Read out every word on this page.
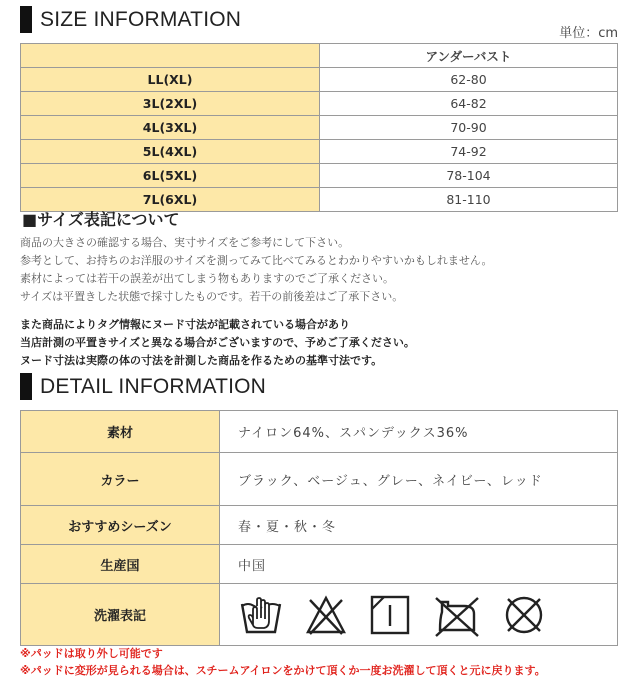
SIZE INFORMATION
単位：cm
	アンダーバスト
LL(XL)	62-80
3L(2XL)	64-82
4L(3XL)	70-90
5L(4XL)	74-92
6L(5XL)	78-104
7L(6XL)	81-110
■サイズ表記について
商品の大きさの確認する場合、実寸サイズをご参考にして下さい。
参考として、お持ちのお洋服のサイズを測ってみて比べてみるとわかりやすいかもしれません。
素材によっては若干の誤差が出てしまう物もありますのでご了承ください。
サイズは平置きした状態で採寸したものです。若干の前後差はご了承下さい。
また商品によりタグ情報にヌード寸法が記載されている場合があり
当店計測の平置きサイズと異なる場合がございますので、予めご了承ください。
ヌード寸法は実際の体の寸法を計測した商品を作るための基準寸法です。
DETAIL INFORMATION
素材	ナイロン64%、スパンデックス36%
カラー	ブラック、ベージュ、グレー、ネイビー、レッド
おすすめシーズン	春・夏・秋・冬
生産国	中国
洗濯表記	
※パッドは取り外し可能です
※パッドに変形が見られる場合は、スチームアイロンをかけて頂くか一度お洗濯して頂くと元に戻ります。
